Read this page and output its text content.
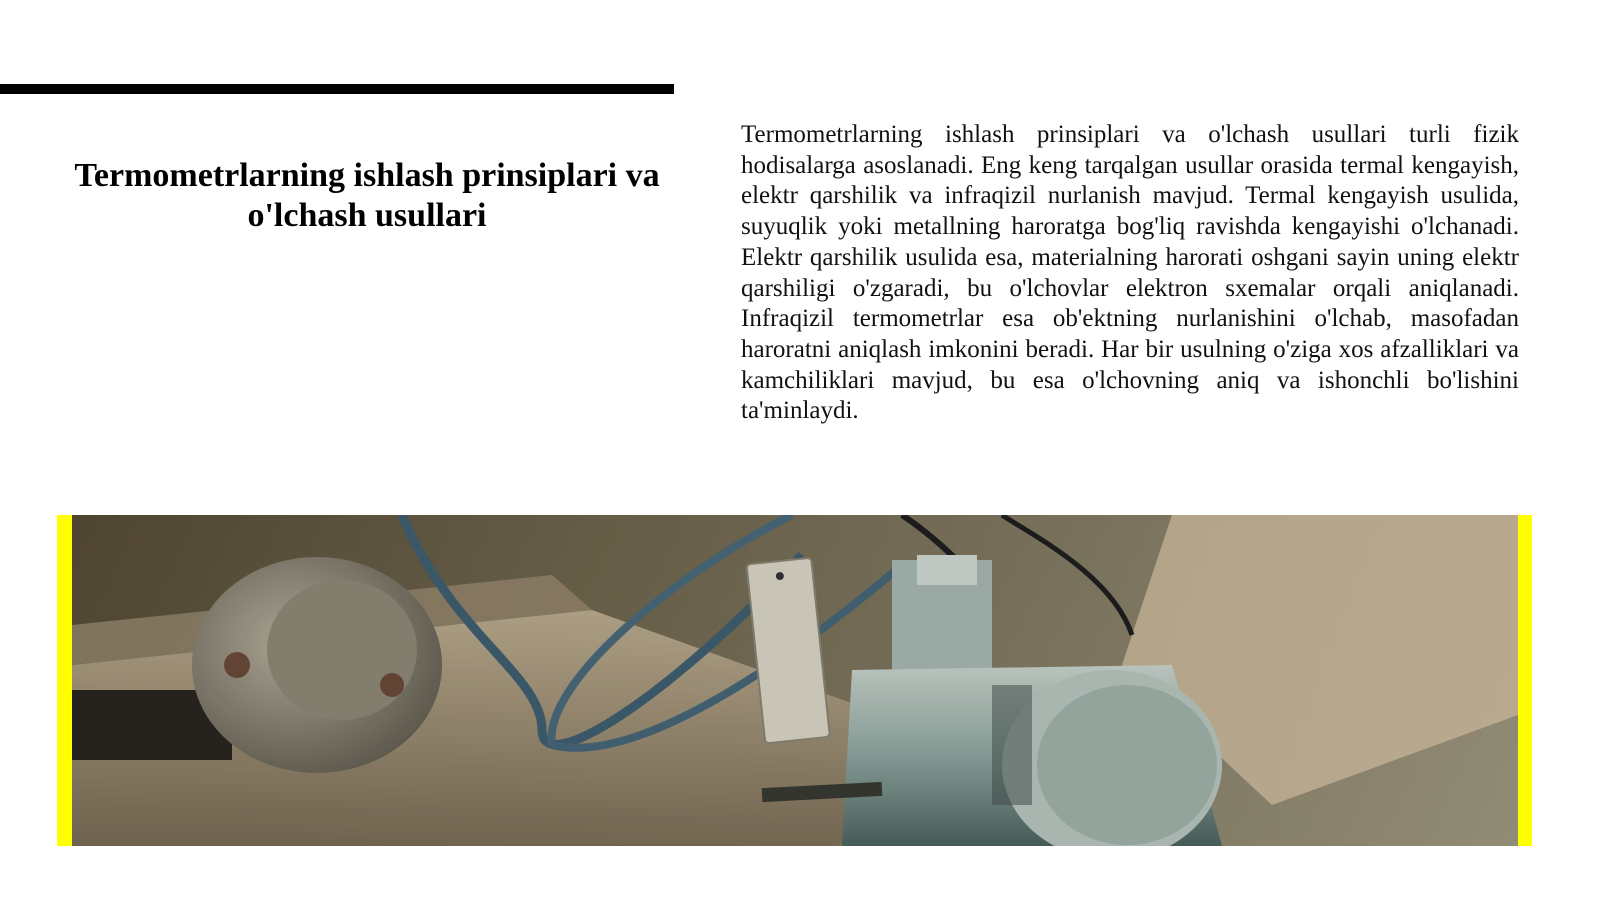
Termometrlarning ishlash prinsiplari va o'lchash usullari

Termometrlarning ishlash prinsiplari va o'lchash usullari turli fizik hodisalarga asoslanadi. Eng keng tarqalgan usullar orasida termal kengayish, elektr qarshilik va infraqizil nurlanish mavjud. Termal kengayish usulida, suyuqlik yoki metallning haroratga bog'liq ravishda kengayishi o'lchanadi. Elektr qarshilik usulida esa, materialning harorati oshgani sayin uning elektr qarshiligi o'zgaradi, bu o'lchovlar elektron sxemalar orqali aniqlanadi. Infraqizil termometrlar esa ob'ektning nurlanishini o'lchab, masofadan haroratni aniqlash imkonini beradi. Har bir usulning o'ziga xos afzalliklari va kamchiliklari mavjud, bu esa o'lchovning aniq va ishonchli bo'lishini ta'minlaydi.
